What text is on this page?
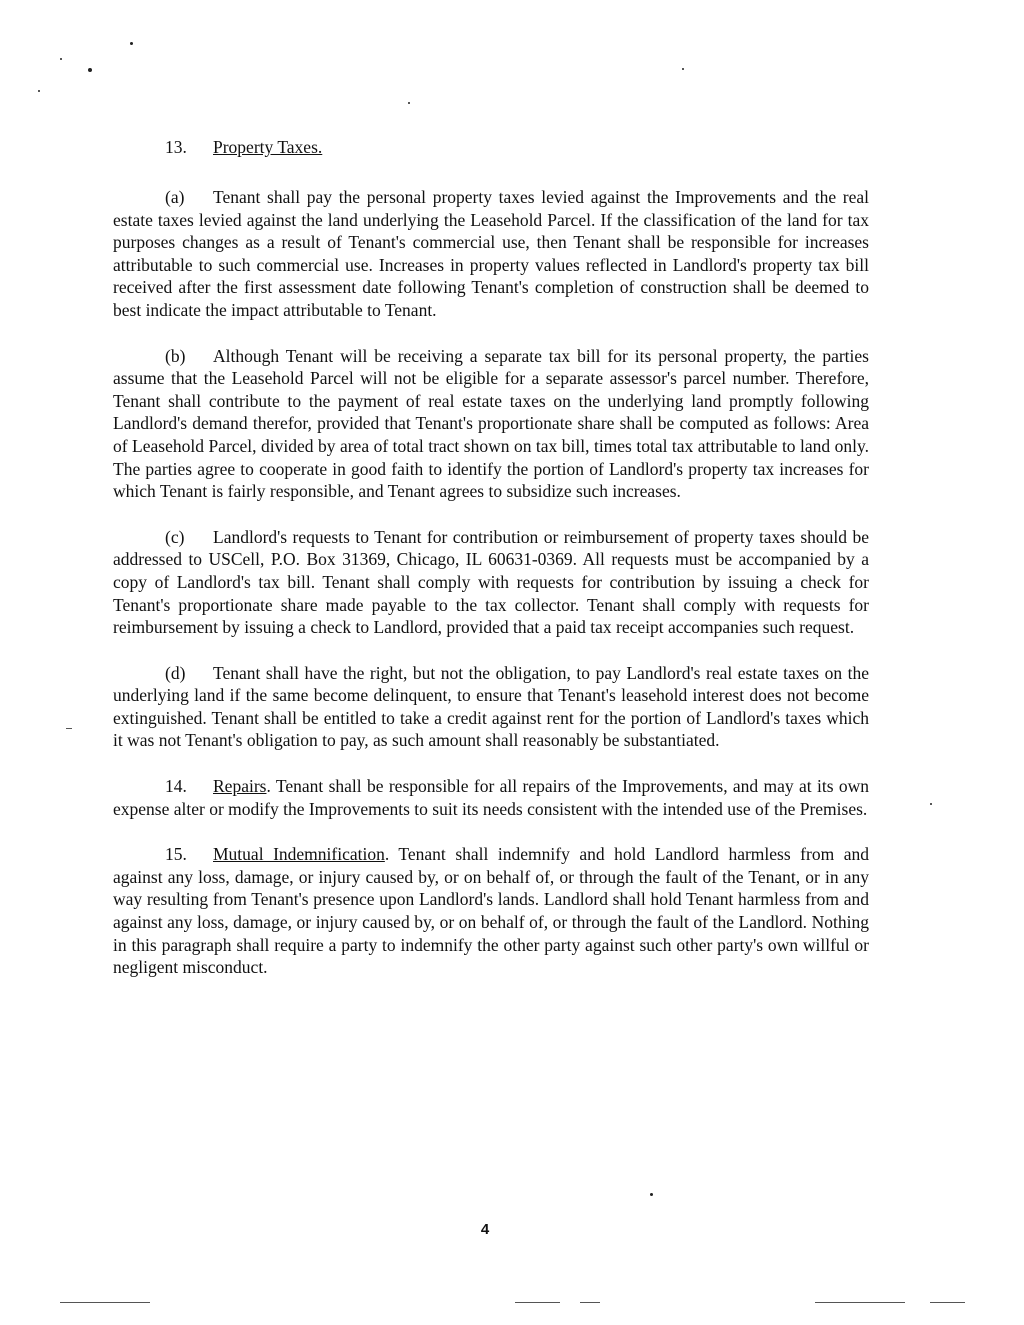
13. Property Taxes.

(a) Tenant shall pay the personal property taxes levied against the Improvements and the real estate taxes levied against the land underlying the Leasehold Parcel. If the classification of the land for tax purposes changes as a result of Tenant's commercial use, then Tenant shall be responsible for increases attributable to such commercial use. Increases in property values reflected in Landlord's property tax bill received after the first assessment date following Tenant's completion of construction shall be deemed to best indicate the impact attributable to Tenant.

(b) Although Tenant will be receiving a separate tax bill for its personal property, the parties assume that the Leasehold Parcel will not be eligible for a separate assessor's parcel number. Therefore, Tenant shall contribute to the payment of real estate taxes on the underlying land promptly following Landlord's demand therefor, provided that Tenant's proportionate share shall be computed as follows: Area of Leasehold Parcel, divided by area of total tract shown on tax bill, times total tax attributable to land only. The parties agree to cooperate in good faith to identify the portion of Landlord's property tax increases for which Tenant is fairly responsible, and Tenant agrees to subsidize such increases.

(c) Landlord's requests to Tenant for contribution or reimbursement of property taxes should be addressed to USCell, P.O. Box 31369, Chicago, IL 60631-0369. All requests must be accompanied by a copy of Landlord's tax bill. Tenant shall comply with requests for contribution by issuing a check for Tenant's proportionate share made payable to the tax collector. Tenant shall comply with requests for reimbursement by issuing a check to Landlord, provided that a paid tax receipt accompanies such request.

(d) Tenant shall have the right, but not the obligation, to pay Landlord's real estate taxes on the underlying land if the same become delinquent, to ensure that Tenant's leasehold interest does not become extinguished. Tenant shall be entitled to take a credit against rent for the portion of Landlord's taxes which it was not Tenant's obligation to pay, as such amount shall reasonably be substantiated.

14. Repairs. Tenant shall be responsible for all repairs of the Improvements, and may at its own expense alter or modify the Improvements to suit its needs consistent with the intended use of the Premises.

15. Mutual Indemnification. Tenant shall indemnify and hold Landlord harmless from and against any loss, damage, or injury caused by, or on behalf of, or through the fault of the Tenant, or in any way resulting from Tenant's presence upon Landlord's lands. Landlord shall hold Tenant harmless from and against any loss, damage, or injury caused by, or on behalf of, or through the fault of the Landlord. Nothing in this paragraph shall require a party to indemnify the other party against such other party's own willful or negligent misconduct.

4
